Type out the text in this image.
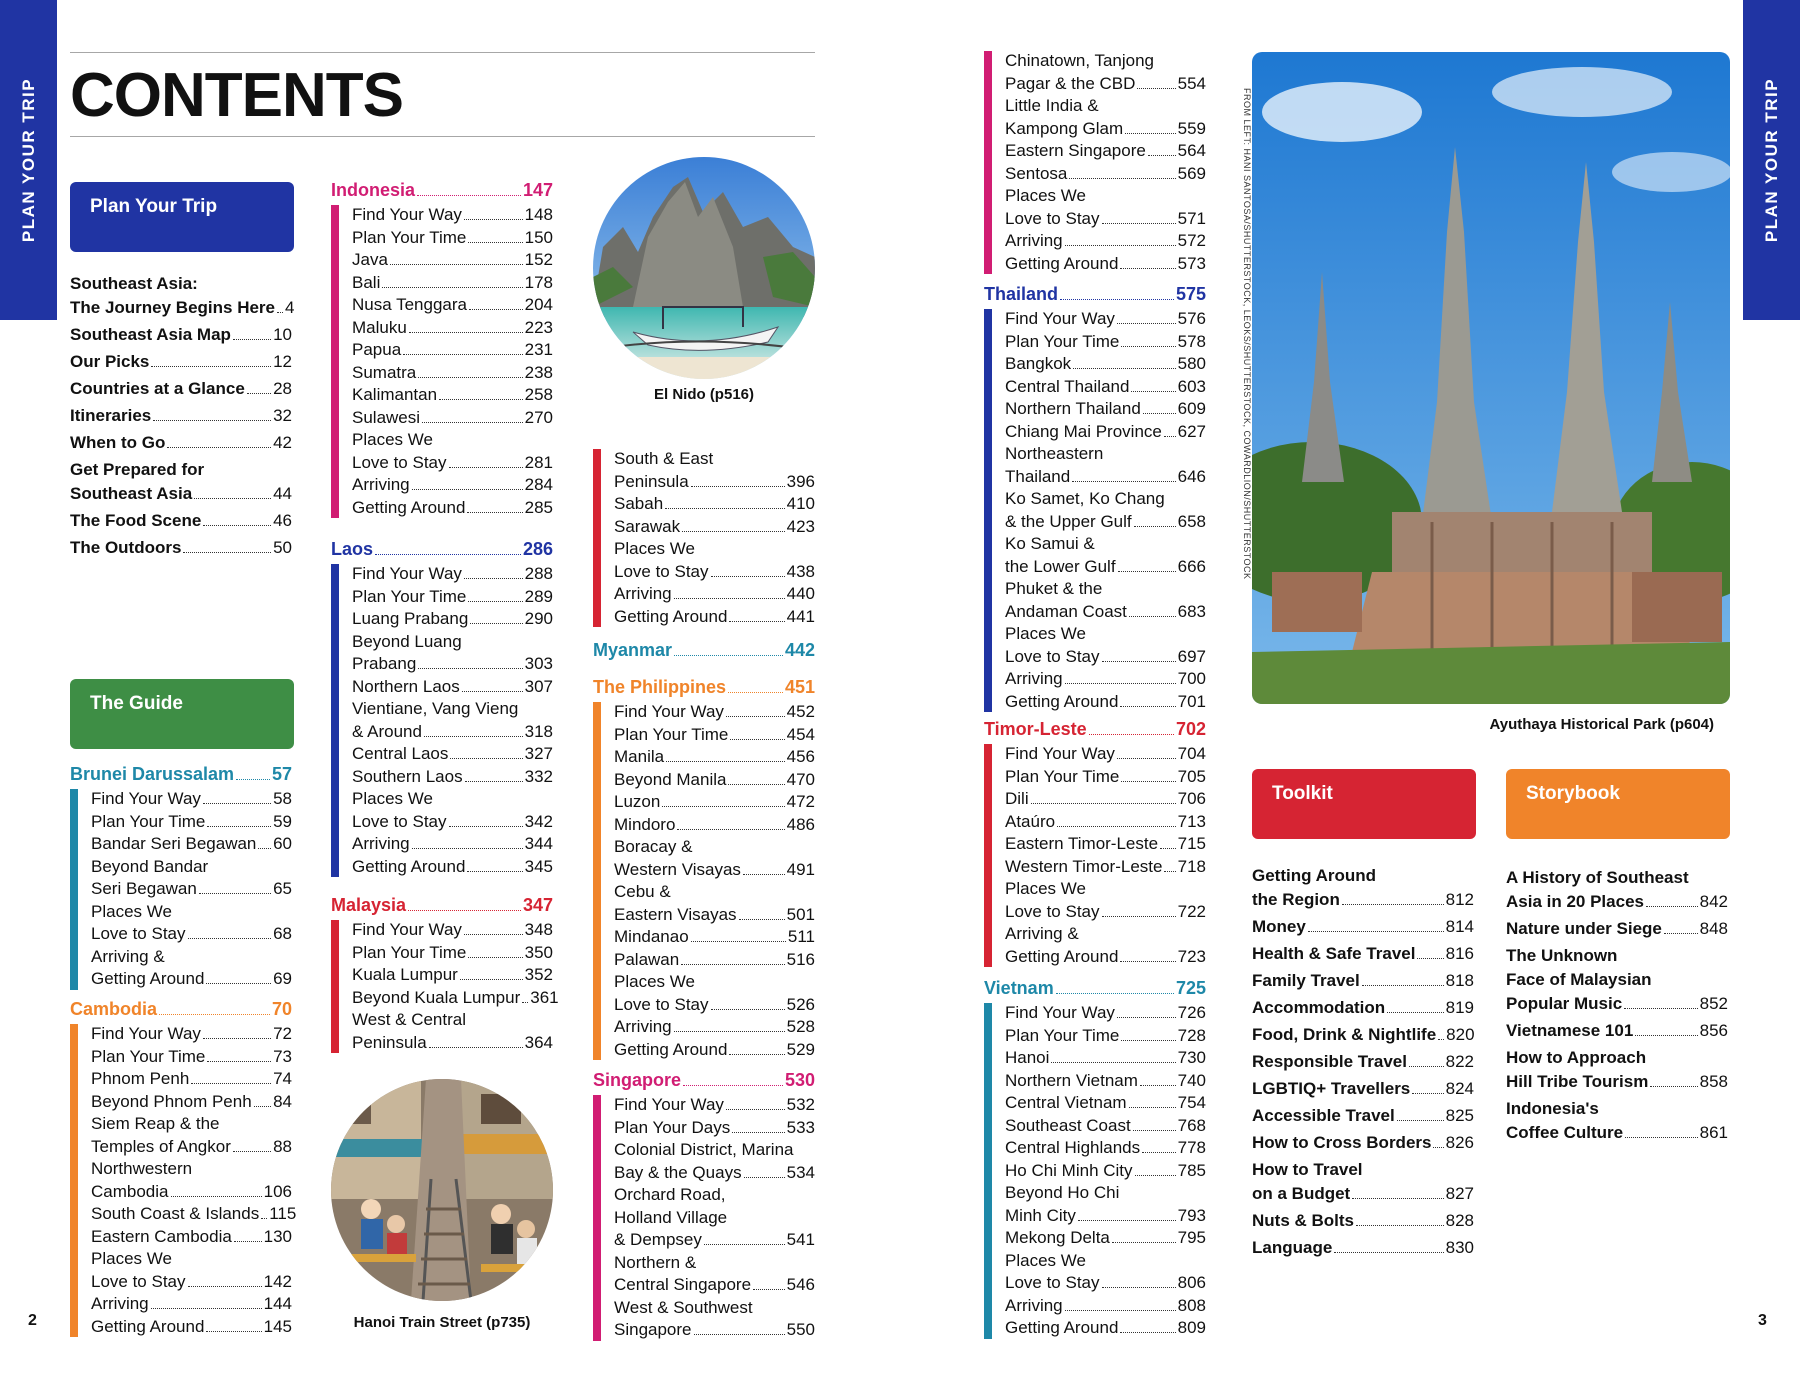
PLAN YOUR TRIP	PLAN YOUR TRIP
CONTENTS
Plan Your Trip
Southeast Asia:
The Journey Begins Here 4
Southeast Asia Map 10
Our Picks	12
Countries at a Glance 28
Itineraries	32
When to Go	42
Get Prepared for
Southeast Asia	44
The Food Scene	46
The Outdoors	50
The Guide
Brunei Darussalam 57
Find Your Way	58
Plan Your Time	59
Bandar Seri Begawan 60
Beyond Bandar
Seri Begawan	65
Places We
Love to Stay	68
Arriving &
Getting Around	69
Cambodia	70
Find Your Way	72
Plan Your Time	73
Phnom Penh	74
Beyond Phnom Penh 84
Siem Reap & the
Temples of Angkor 88
Northwestern
Cambodia	106
South Coast & Islands 115
Eastern Cambodia 130
Places We
Love to Stay	142
Arriving	144
Getting Around	145
Indonesia	147
Find Your Way	148
Plan Your Time	150
Java	152
Bali	178
Nusa Tenggara	204
Maluku	223
Papua	231
Sumatra	238
Kalimantan	258
Sulawesi	270
Places We
Love to Stay	281
Arriving	284
Getting Around	285
Laos	286
Find Your Way	288
Plan Your Time	289
Luang Prabang	290
Beyond Luang
Prabang	303
Northern Laos	307
Vientiane, Vang Vieng
& Around	318
Central Laos	327
Southern Laos	332
Places We
Love to Stay	342
Arriving	344
Getting Around	345
Malaysia	347
Find Your Way	348
Plan Your Time	350
Kuala Lumpur	352
Beyond Kuala Lumpur 361
West & Central
Peninsula	364
South & East
Peninsula	396
Sabah	410
Sarawak	423
Places We
Love to Stay	438
Arriving	440
Getting Around	441
Myanmar	442
The Philippines	451
Find Your Way	452
Plan Your Time	454
Manila	456
Beyond Manila	470
Luzon	472
Mindoro	486
Boracay &
Western Visayas	491
Cebu &
Eastern Visayas	501
Mindanao	511
Palawan	516
Places We
Love to Stay	526
Arriving	528
Getting Around	529
Singapore	530
Find Your Way	532
Plan Your Days	533
Colonial District, Marina
Bay & the Quays	534
Orchard Road,
Holland Village
& Dempsey	541
Northern &
Central Singapore 546
West & Southwest
Singapore	550
Chinatown, Tanjong
Pagar & the CBD 554
Little India &
Kampong Glam	559
Eastern Singapore 564
Sentosa	569
Places We
Love to Stay	571
Arriving	572
Getting Around	573
Thailand	575
Find Your Way	576
Plan Your Time	578
Bangkok	580
Central Thailand	603
Northern Thailand 609
Chiang Mai Province 627
Northeastern
Thailand	646
Ko Samet, Ko Chang
& the Upper Gulf	658
Ko Samui &
the Lower Gulf	666
Phuket & the
Andaman Coast	683
Places We
Love to Stay	697
Arriving	700
Getting Around	701
Timor-Leste	702
Find Your Way	704
Plan Your Time	705
Dili	706
Ataúro	713
Eastern Timor-Leste 715
Western Timor-Leste 718
Places We
Love to Stay	722
Arriving &
Getting Around	723
Vietnam	725
Find Your Way	726
Plan Your Time	728
Hanoi	730
Northern Vietnam 740
Central Vietnam	754
Southeast Coast	768
Central Highlands 778
Ho Chi Minh City	785
Beyond Ho Chi
Minh City	793
Mekong Delta	795
Places We
Love to Stay	806
Arriving	808
Getting Around	809
El Nido (p516)
Hanoi Train Street (p735)
Ayuthaya Historical Park (p604)
FROM LEFT: HANI SANTOSA/SHUTTERSTOCK, LEOKS/SHUTTERSTOCK, COWARDLION/SHUTTERSTOCK
Toolkit
Getting Around
the Region	812
Money	814
Health & Safe Travel 816
Family Travel	818
Accommodation	819
Food, Drink & Nightlife 820
Responsible Travel 822
LGBTIQ+ Travellers 824
Accessible Travel	825
How to Cross Borders 826
How to Travel
on a Budget	827
Nuts & Bolts	828
Language	830
Storybook
A History of Southeast
Asia in 20 Places	842
Nature under Siege 848
The Unknown
Face of Malaysian
Popular Music	852
Vietnamese 101	856
How to Approach
Hill Tribe Tourism	858
Indonesia's
Coffee Culture	861
2	3
